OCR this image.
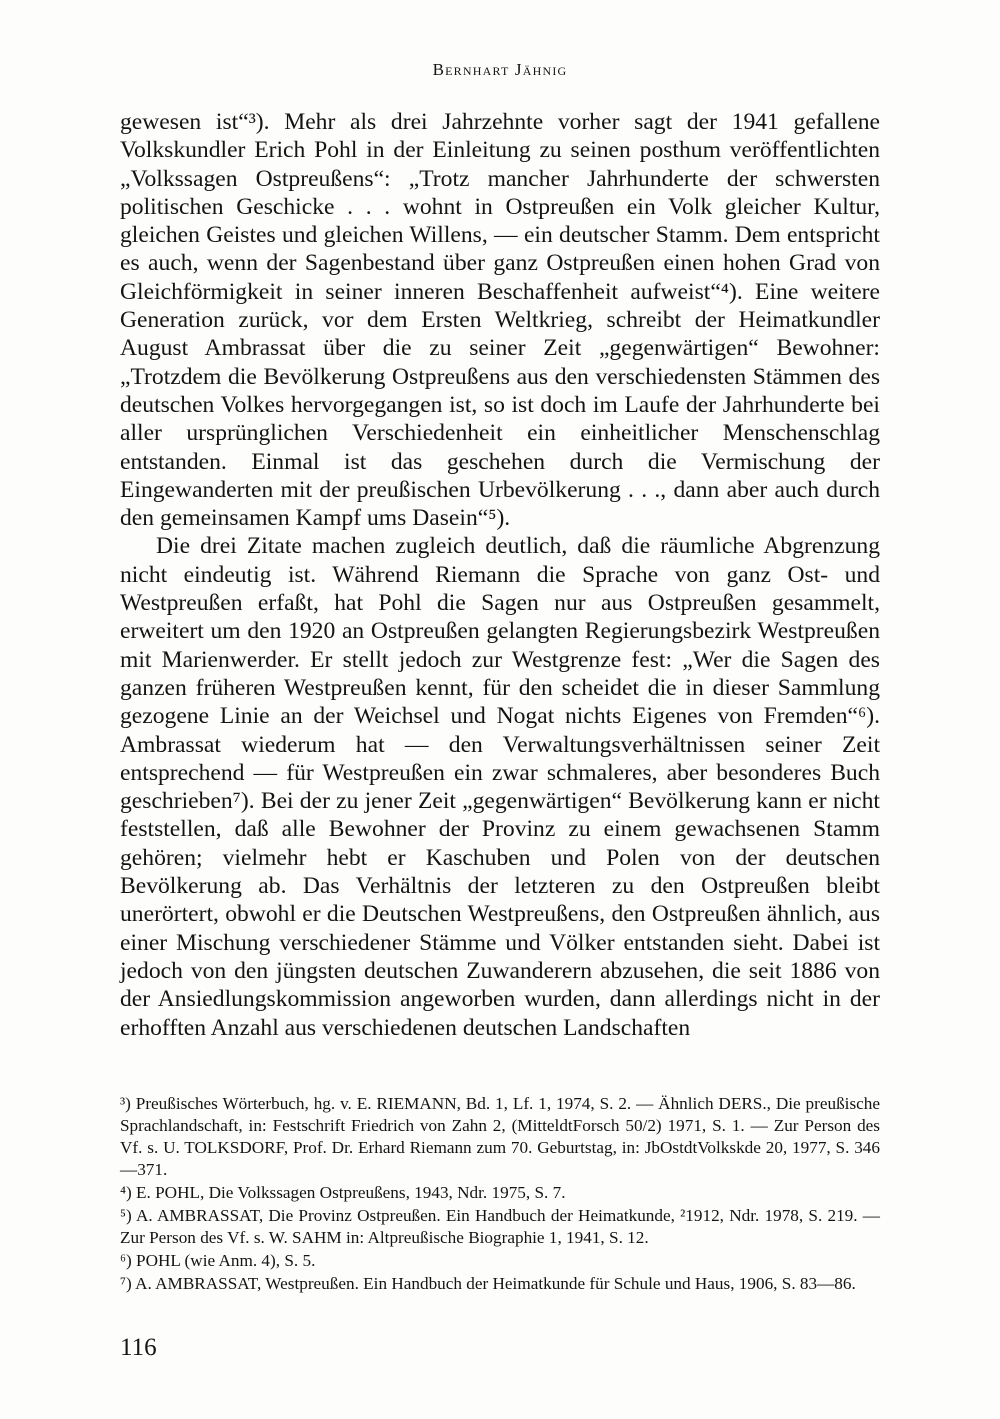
Bernhart Jähnig

gewesen ist“³). Mehr als drei Jahrzehnte vorher sagt der 1941 gefallene Volkskundler Erich Pohl in der Einleitung zu seinen posthum veröffentlichten „Volkssagen Ostpreußens“: „Trotz mancher Jahrhunderte der schwersten politischen Geschicke . . . wohnt in Ostpreußen ein Volk gleicher Kultur, gleichen Geistes und gleichen Willens, — ein deutscher Stamm. Dem entspricht es auch, wenn der Sagenbestand über ganz Ostpreußen einen hohen Grad von Gleichförmigkeit in seiner inneren Beschaffenheit aufweist“⁴). Eine weitere Generation zurück, vor dem Ersten Weltkrieg, schreibt der Heimatkundler August Ambrassat über die zu seiner Zeit „gegenwärtigen“ Bewohner: „Trotzdem die Bevölkerung Ostpreußens aus den verschiedensten Stämmen des deutschen Volkes hervorgegangen ist, so ist doch im Laufe der Jahrhunderte bei aller ursprünglichen Verschiedenheit ein einheitlicher Menschenschlag entstanden. Einmal ist das geschehen durch die Vermischung der Eingewanderten mit der preußischen Urbevölkerung . . ., dann aber auch durch den gemeinsamen Kampf ums Dasein“⁵).

Die drei Zitate machen zugleich deutlich, daß die räumliche Abgrenzung nicht eindeutig ist. Während Riemann die Sprache von ganz Ost- und Westpreußen erfaßt, hat Pohl die Sagen nur aus Ostpreußen gesammelt, erweitert um den 1920 an Ostpreußen gelangten Regierungsbezirk Westpreußen mit Marienwerder. Er stellt jedoch zur Westgrenze fest: „Wer die Sagen des ganzen früheren Westpreußen kennt, für den scheidet die in dieser Sammlung gezogene Linie an der Weichsel und Nogat nichts Eigenes von Fremden“⁶). Ambrassat wiederum hat — den Verwaltungsverhältnissen seiner Zeit entsprechend — für Westpreußen ein zwar schmaleres, aber besonderes Buch geschrieben⁷). Bei der zu jener Zeit „gegenwärtigen“ Bevölkerung kann er nicht feststellen, daß alle Bewohner der Provinz zu einem gewachsenen Stamm gehören; vielmehr hebt er Kaschuben und Polen von der deutschen Bevölkerung ab. Das Verhältnis der letzteren zu den Ostpreußen bleibt unerörtert, obwohl er die Deutschen Westpreußens, den Ostpreußen ähnlich, aus einer Mischung verschiedener Stämme und Völker entstanden sieht. Dabei ist jedoch von den jüngsten deutschen Zuwanderern abzusehen, die seit 1886 von der Ansiedlungskommission angeworben wurden, dann allerdings nicht in der erhofften Anzahl aus verschiedenen deutschen Landschaften

³) Preußisches Wörterbuch, hg. v. E. RIEMANN, Bd. 1, Lf. 1, 1974, S. 2. — Ähnlich DERS., Die preußische Sprachlandschaft, in: Festschrift Friedrich von Zahn 2, (MitteldtForsch 50/2) 1971, S. 1. — Zur Person des Vf. s. U. TOLKSDORF, Prof. Dr. Erhard Riemann zum 70. Geburtstag, in: JbOstdtVolkskde 20, 1977, S. 346—371.

⁴) E. POHL, Die Volkssagen Ostpreußens, 1943, Ndr. 1975, S. 7.

⁵) A. AMBRASSAT, Die Provinz Ostpreußen. Ein Handbuch der Heimatkunde, ²1912, Ndr. 1978, S. 219. — Zur Person des Vf. s. W. SAHM in: Altpreußische Biographie 1, 1941, S. 12.

⁶) POHL (wie Anm. 4), S. 5.

⁷) A. AMBRASSAT, Westpreußen. Ein Handbuch der Heimatkunde für Schule und Haus, 1906, S. 83—86.

116
